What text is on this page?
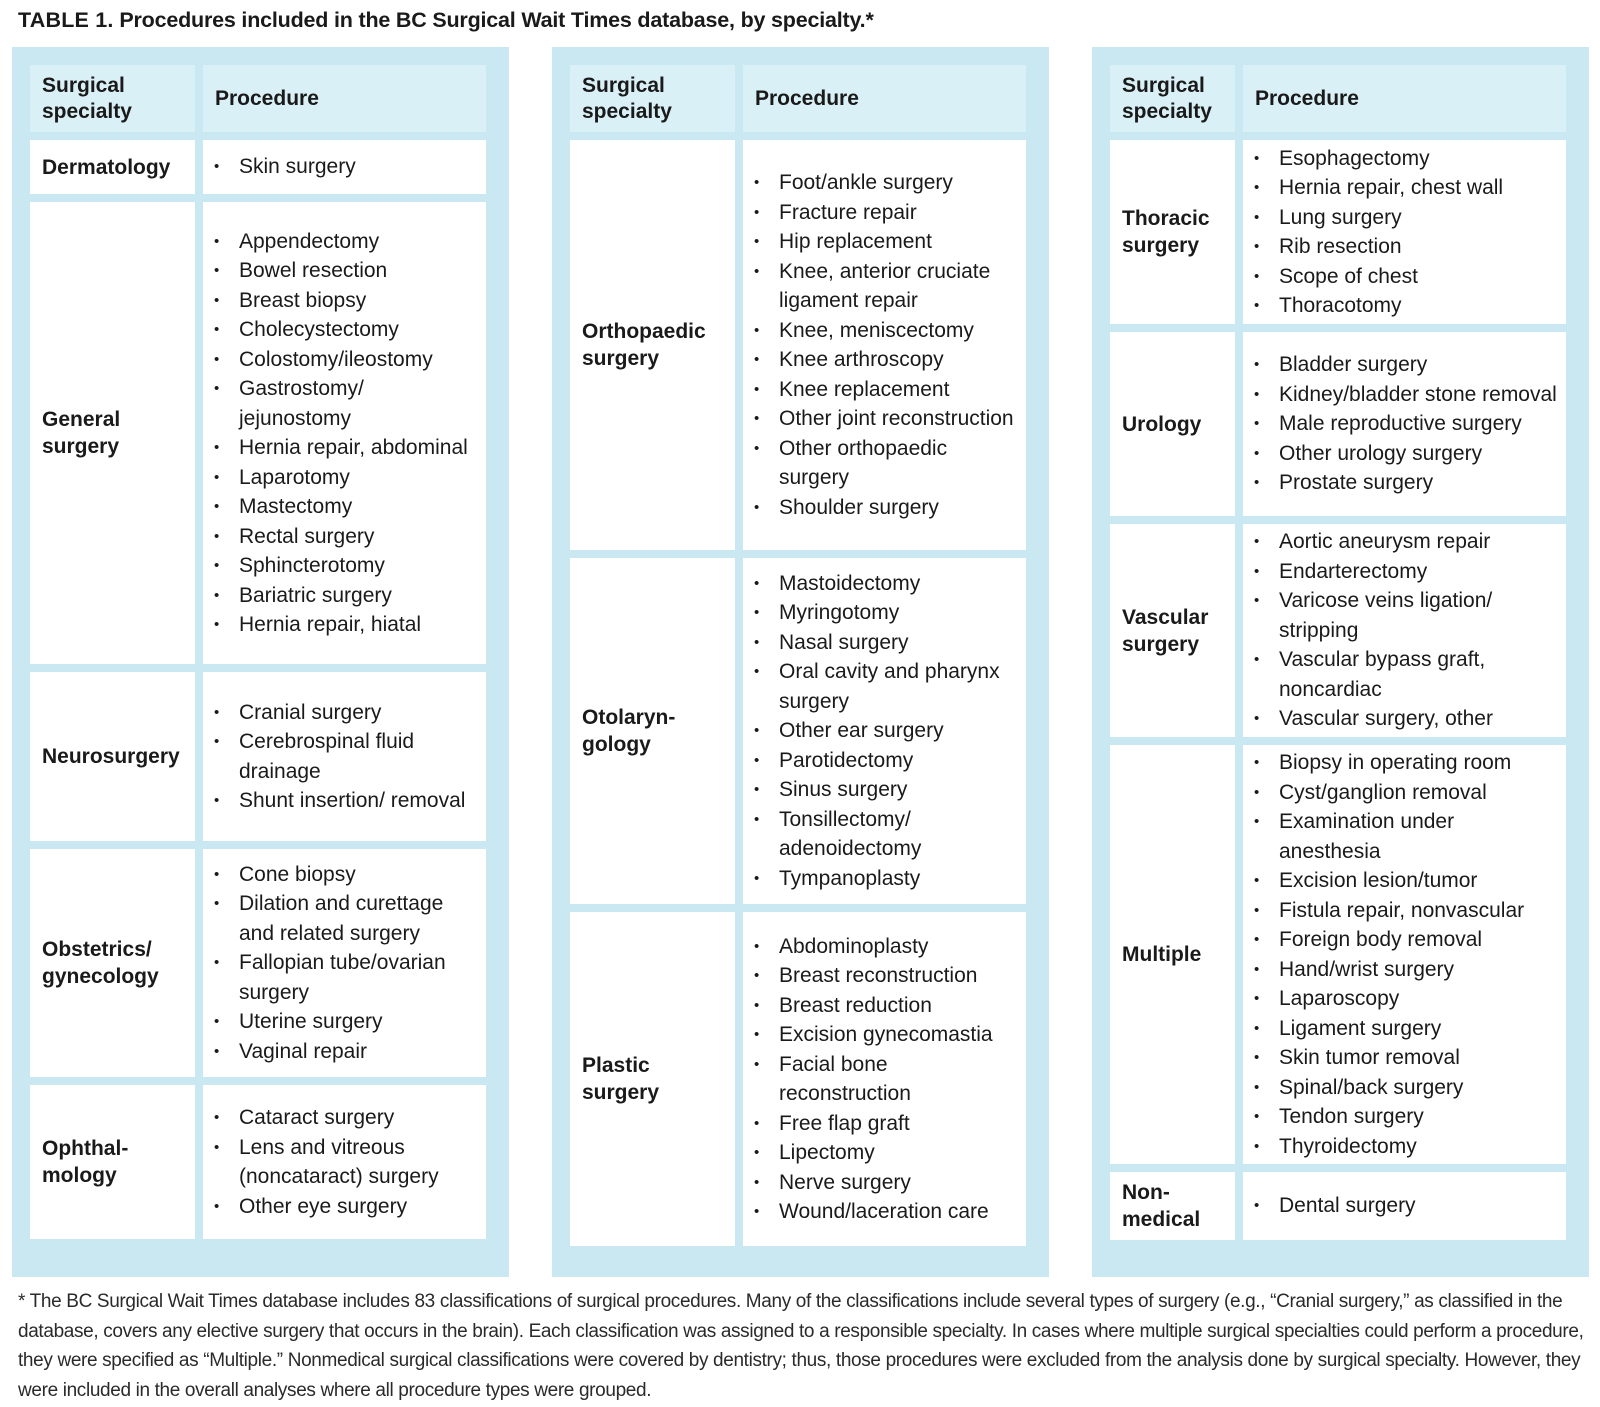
TABLE 1. Procedures included in the BC Surgical Wait Times database, by specialty.*
Surgical specialty
Procedure
Dermatology
•	Skin surgery
General surgery
• Appendectomy
• Bowel resection
• Breast biopsy
• Cholecystectomy
• Colostomy/ileostomy
• Gastrostomy/ jejunostomy
• Hernia repair, abdominal
• Laparotomy
• Mastectomy
• Rectal surgery
• Sphincterotomy
• Bariatric surgery
• Hernia repair, hiatal
Neurosurgery
• Cranial surgery
• Cerebrospinal fluid drainage
• Shunt insertion/ removal
Obstetrics/ gynecology
• Cone biopsy
• Dilation and curettage and related surgery
• Fallopian tube/ovarian surgery
• Uterine surgery
• Vaginal repair
Ophthal-mology
• Cataract surgery
• Lens and vitreous (noncataract) surgery
• Other eye surgery
Surgical specialty
Procedure
Orthopaedic surgery
• Foot/ankle surgery
• Fracture repair
• Hip replacement
• Knee, anterior cruciate ligament repair
• Knee, meniscectomy
• Knee arthroscopy
• Knee replacement
• Other joint reconstruction
• Other orthopaedic surgery
• Shoulder surgery
Otolaryn-gology
• Mastoidectomy
• Myringotomy
• Nasal surgery
• Oral cavity and pharynx surgery
• Other ear surgery
• Parotidectomy
• Sinus surgery
• Tonsillectomy/ adenoidectomy
• Tympanoplasty
Plastic surgery
• Abdominoplasty
• Breast reconstruction
• Breast reduction
• Excision gynecomastia
• Facial bone reconstruction
• Free flap graft
• Lipectomy
• Nerve surgery
• Wound/laceration care
Surgical specialty
Procedure
Thoracic surgery
• Esophagectomy
• Hernia repair, chest wall
• Lung surgery
• Rib resection
• Scope of chest
• Thoracotomy
Urology
• Bladder surgery
• Kidney/bladder stone removal
• Male reproductive surgery
• Other urology surgery
• Prostate surgery
Vascular surgery
• Aortic aneurysm repair
• Endarterectomy
• Varicose veins ligation/ stripping
• Vascular bypass graft, noncardiac
• Vascular surgery, other
Multiple
• Biopsy in operating room
• Cyst/ganglion removal
• Examination under anesthesia
• Excision lesion/tumor
• Fistula repair, nonvascular
• Foreign body removal
• Hand/wrist surgery
• Laparoscopy
• Ligament surgery
• Skin tumor removal
• Spinal/back surgery
• Tendon surgery
• Thyroidectomy
Non-medical
• Dental surgery
* The BC Surgical Wait Times database includes 83 classifications of surgical procedures. Many of the classifications include several types of surgery (e.g., “Cranial surgery,” as classified in the database, covers any elective surgery that occurs in the brain). Each classification was assigned to a responsible specialty. In cases where multiple surgical specialties could perform a procedure, they were specified as “Multiple.” Nonmedical surgical classifications were covered by dentistry; thus, those procedures were excluded from the analysis done by surgical specialty. However, they were included in the overall analyses where all procedure types were grouped.
